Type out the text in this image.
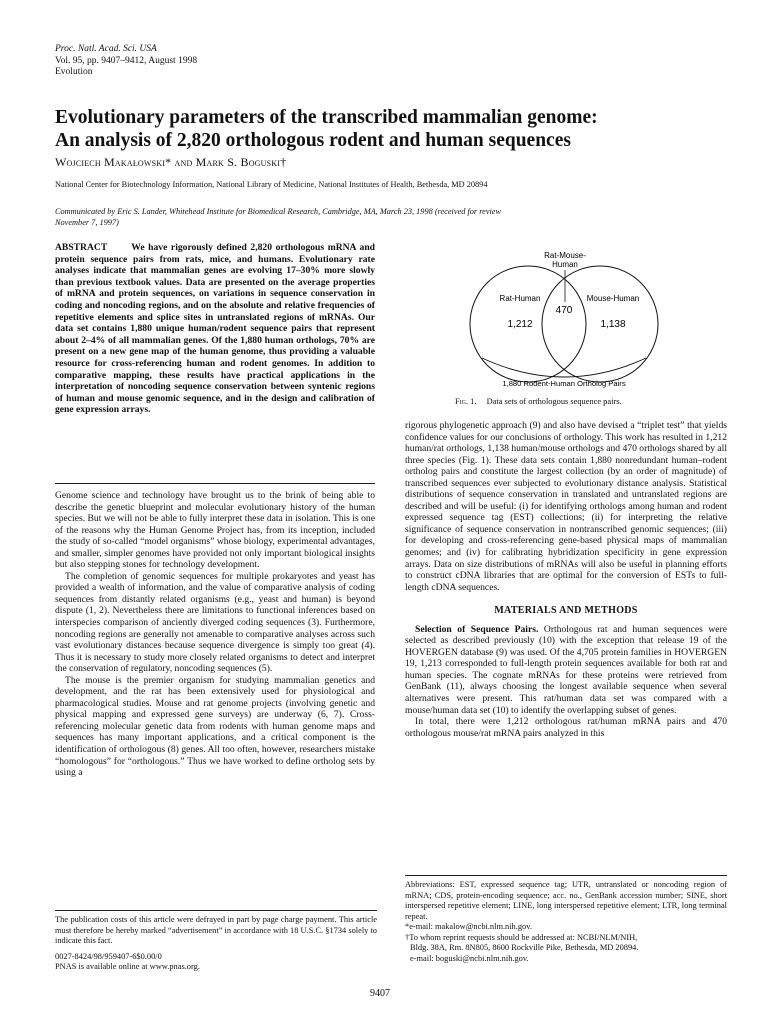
Proc. Natl. Acad. Sci. USA
Vol. 95, pp. 9407–9412, August 1998
Evolution
Evolutionary parameters of the transcribed mammalian genome:
An analysis of 2,820 orthologous rodent and human sequences
Wojciech Makałowski* and Mark S. Boguski†
National Center for Biotechnology Information, National Library of Medicine, National Institutes of Health, Bethesda, MD 20894
Communicated by Eric S. Lander, Whitehead Institute for Biomedical Research, Cambridge, MA, March 23, 1998 (received for review
November 7, 1997)
ABSTRACT	We have rigorously defined 2,820 orthologous mRNA and protein sequence pairs from rats, mice, and humans. Evolutionary rate analyses indicate that mammalian genes are evolving 17–30% more slowly than previous textbook values. Data are presented on the average properties of mRNA and protein sequences, on variations in sequence conservation in coding and noncoding regions, and on the absolute and relative frequencies of repetitive elements and splice sites in untranslated regions of mRNAs. Our data set contains 1,880 unique human/rodent sequence pairs that represent about 2–4% of all mammalian genes. Of the 1,880 human orthologs, 70% are present on a new gene map of the human genome, thus providing a valuable resource for cross-referencing human and rodent genomes. In addition to comparative mapping, these results have practical applications in the interpretation of noncoding sequence conservation between syntenic regions of human and mouse genomic sequence, and in the design and calibration of gene expression arrays.

Genome science and technology have brought us to the brink of being able to describe the genetic blueprint and molecular evolutionary history of the human species. But we will not be able to fully interpret these data in isolation. This is one of the reasons why the Human Genome Project has, from its inception, included the study of so-called “model organisms” whose biology, experimental advantages, and smaller, simpler genomes have provided not only important biological insights but also stepping stones for technology development.

The completion of genomic sequences for multiple prokaryotes and yeast has provided a wealth of information, and the value of comparative analysis of coding sequences from distantly related organisms (e.g., yeast and human) is beyond dispute (1, 2). Nevertheless there are limitations to functional inferences based on interspecies comparison of anciently diverged coding sequences (3). Furthermore, noncoding regions are generally not amenable to comparative analyses across such vast evolutionary distances because sequence divergence is simply too great (4). Thus it is necessary to study more closely related organisms to detect and interpret the conservation of regulatory, noncoding sequences (5).

The mouse is the premier organism for studying mammalian genetics and development, and the rat has been extensively used for physiological and pharmacological studies. Mouse and rat genome projects (involving genetic and physical mapping and expressed gene surveys) are underway (6, 7). Cross-referencing molecular genetic data from rodents with human genome maps and sequences has many important applications, and a critical component is the identification of orthologous (8) genes. All too often, however, researchers mistake “homologous” for “orthologous.” Thus we have worked to define ortholog sets by using a

The publication costs of this article were defrayed in part by page charge payment. This article must therefore be hereby marked “advertisement” in accordance with 18 U.S.C. §1734 solely to indicate this fact.
0027-8424/98/959407-6$0.00/0
PNAS is available online at www.pnas.org.
Rat-Mouse-
Human
Rat-Human	Mouse-Human
470
1,212	1,138
1,880 Rodent-Human Ortholog Pairs
Fig. 1. Data sets of orthologous sequence pairs.

rigorous phylogenetic approach (9) and also have devised a “triplet test” that yields confidence values for our conclusions of orthology. This work has resulted in 1,212 human/rat orthologs, 1,138 human/mouse orthologs and 470 orthologs shared by all three species (Fig. 1). These data sets contain 1,880 nonredundant human–rodent ortholog pairs and constitute the largest collection (by an order of magnitude) of transcribed sequences ever subjected to evolutionary distance analysis. Statistical distributions of sequence conservation in translated and untranslated regions are described and will be useful: (i) for identifying orthologs among human and rodent expressed sequence tag (EST) collections; (ii) for interpreting the relative significance of sequence conservation in nontranscribed genomic sequences; (iii) for developing and cross-referencing gene-based physical maps of mammalian genomes; and (iv) for calibrating hybridization specificity in gene expression arrays. Data on size distributions of mRNAs will also be useful in planning efforts to construct cDNA libraries that are optimal for the conversion of ESTs to full-length cDNA sequences.

MATERIALS AND METHODS

Selection of Sequence Pairs. Orthologous rat and human sequences were selected as described previously (10) with the exception that release 19 of the HOVERGEN database (9) was used. Of the 4,705 protein families in HOVERGEN 19, 1,213 corresponded to full-length protein sequences available for both rat and human species. The cognate mRNAs for these proteins were retrieved from GenBank (11), always choosing the longest available sequence when several alternatives were present. This rat/human data set was compared with a mouse/human data set (10) to identify the overlapping subset of genes.

In total, there were 1,212 orthologous rat/human mRNA pairs and 470 orthologous mouse/rat mRNA pairs analyzed in this

Abbreviations: EST, expressed sequence tag; UTR, untranslated or noncoding region of mRNA; CDS, protein-encoding sequence; acc. no., GenBank accession number; SINE, short interspersed repetitive element; LINE, long interspersed repetitive element; LTR, long terminal repeat.
*e-mail: makalow@ncbi.nlm.nih.gov.
†To whom reprint requests should be addressed at: NCBI/NLM/NIH,
Bldg. 38A, Rm. 8N805, 8600 Rockville Pike, Bethesda, MD 20894.
e-mail: boguski@ncbi.nlm.nih.gov.
9407
